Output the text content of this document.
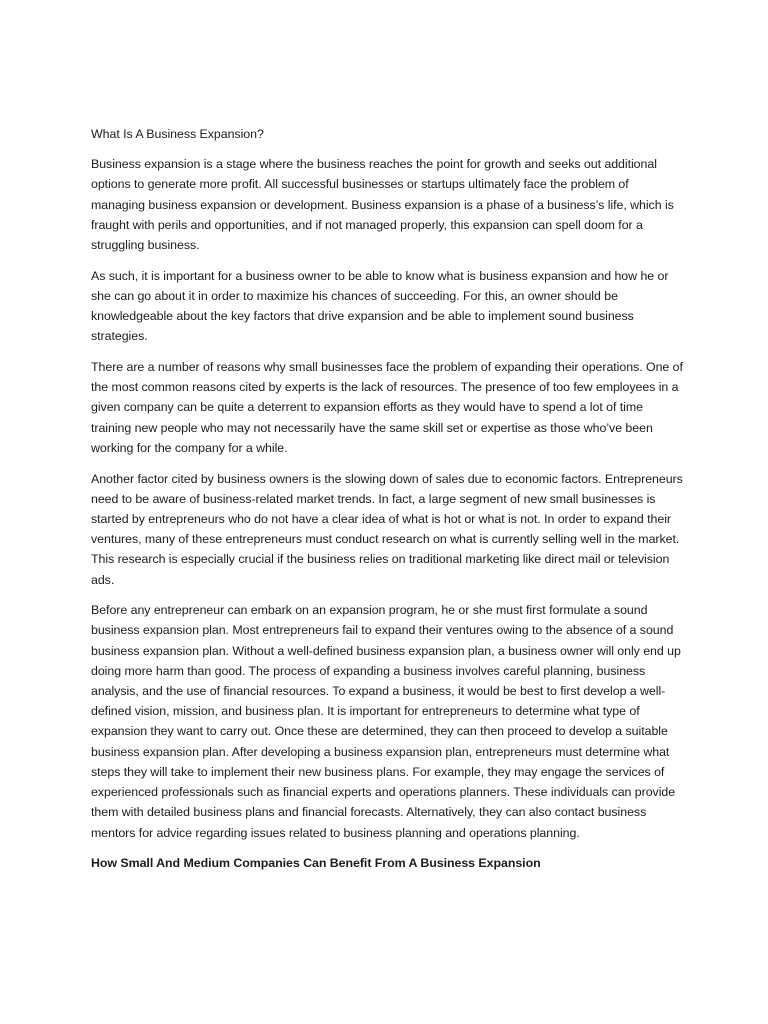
What Is A Business Expansion?

Business expansion is a stage where the business reaches the point for growth and seeks out additional options to generate more profit. All successful businesses or startups ultimately face the problem of managing business expansion or development. Business expansion is a phase of a business’s life, which is fraught with perils and opportunities, and if not managed properly, this expansion can spell doom for a struggling business.

As such, it is important for a business owner to be able to know what is business expansion and how he or she can go about it in order to maximize his chances of succeeding. For this, an owner should be knowledgeable about the key factors that drive expansion and be able to implement sound business strategies.

There are a number of reasons why small businesses face the problem of expanding their operations. One of the most common reasons cited by experts is the lack of resources. The presence of too few employees in a given company can be quite a deterrent to expansion efforts as they would have to spend a lot of time training new people who may not necessarily have the same skill set or expertise as those who’ve been working for the company for a while.

Another factor cited by business owners is the slowing down of sales due to economic factors. Entrepreneurs need to be aware of business-related market trends. In fact, a large segment of new small businesses is started by entrepreneurs who do not have a clear idea of what is hot or what is not. In order to expand their ventures, many of these entrepreneurs must conduct research on what is currently selling well in the market. This research is especially crucial if the business relies on traditional marketing like direct mail or television ads.

Before any entrepreneur can embark on an expansion program, he or she must first formulate a sound business expansion plan. Most entrepreneurs fail to expand their ventures owing to the absence of a sound business expansion plan. Without a well-defined business expansion plan, a business owner will only end up doing more harm than good. The process of expanding a business involves careful planning, business analysis, and the use of financial resources. To expand a business, it would be best to first develop a well-defined vision, mission, and business plan. It is important for entrepreneurs to determine what type of expansion they want to carry out. Once these are determined, they can then proceed to develop a suitable business expansion plan. After developing a business expansion plan, entrepreneurs must determine what steps they will take to implement their new business plans. For example, they may engage the services of experienced professionals such as financial experts and operations planners. These individuals can provide them with detailed business plans and financial forecasts. Alternatively, they can also contact business mentors for advice regarding issues related to business planning and operations planning.

How Small And Medium Companies Can Benefit From A Business Expansion
